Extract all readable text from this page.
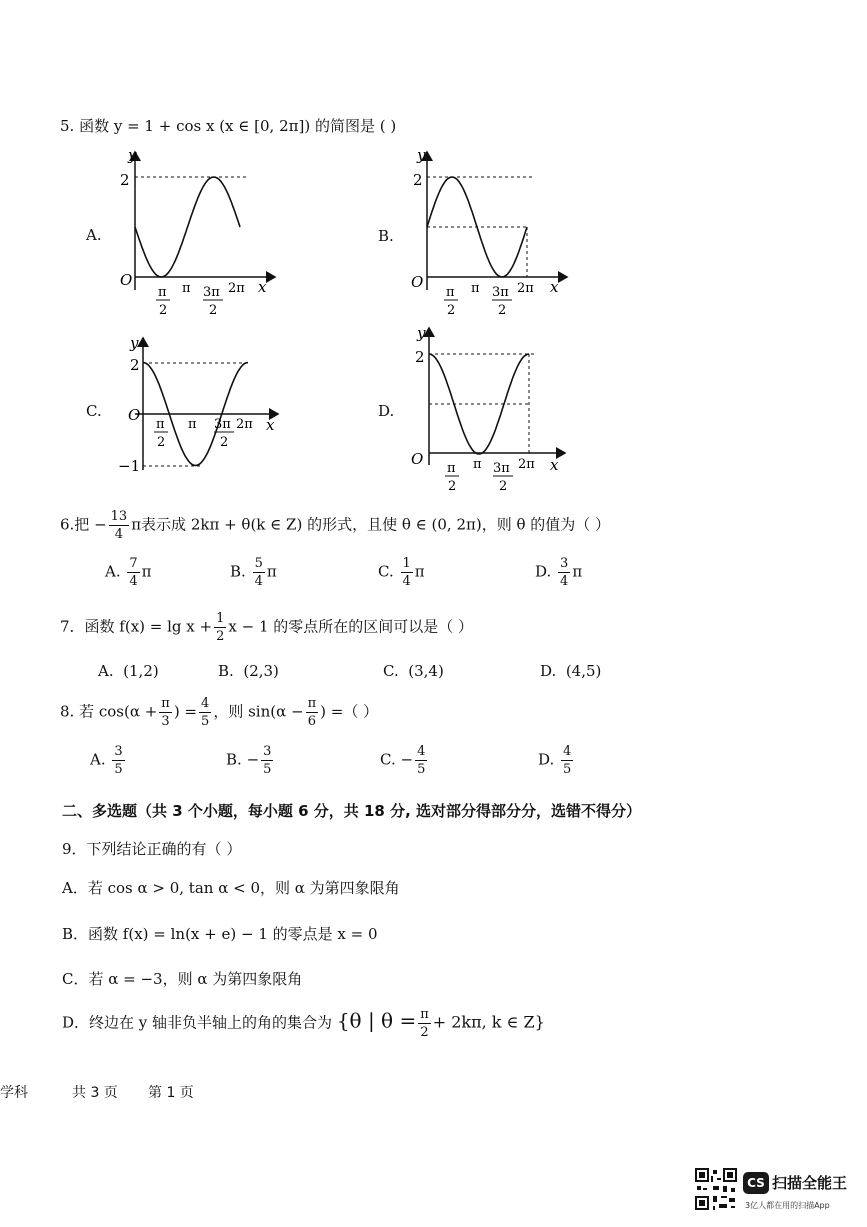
5. 函数 y = 1 + cos x (x ∈ [0, 2π]) 的简图是 ( )
A.	B.
C.	D.
y
2
O	x
π
2
π 3π
2
2π
y
2
O	x
π
2
π 3π
2
2π
y
2
O
−1
x
π
2
π 3π
2
2π
y
2
O	x
π
2
π 3π
2
2π
6.把 − $\frac{13}{4}$ π表示成 2kπ + θ(k ∈ Z) 的形式，且使 θ ∈ (0, 2π)，则 θ 的值为（ ）
A. $\frac{7}{4}$ π	B. $\frac{5}{4}$ π	C. $\frac{1}{4}$ π	D. $\frac{3}{4}$ π
7．函数 $f(x) = \lg x + \frac{1}{2}$ x − 1 的零点所在的区间可以是（ ）
A. (1,2)	B. (2,3)	C. (3,4)	D. (4,5)
8. 若 $\cos(\alpha + \frac{\pi}{3}$ ) = $\frac{4}{5}$ ，则 $\sin(\alpha - \frac{\pi}{6}$ ) =（ ）
A. $\frac{3}{5}$	B. − $\frac{3}{5}$	C. − $\frac{4}{5}$	D. $\frac{4}{5}$
二、多选题（共 3 个小题，每小题 6 分，共 18 分, 选对部分得部分分，选错不得分）
9．下列结论正确的有（ ）
A．若 cos α > 0, tan α < 0，则 α 为第四象限角
B．函数 f(x) = ln(x + e) − 1 的零点是 x = 0
C．若 α = −3，则 α 为第四象限角
D．终边在 y 轴非负半轴上的角的集合为 {θ | $\theta = \frac{\pi}{2} + 2k\pi$, k ∈ Z}
学科	共 3 页 第 1 页
CS 扫描全能王
3亿人都在用的扫描App
